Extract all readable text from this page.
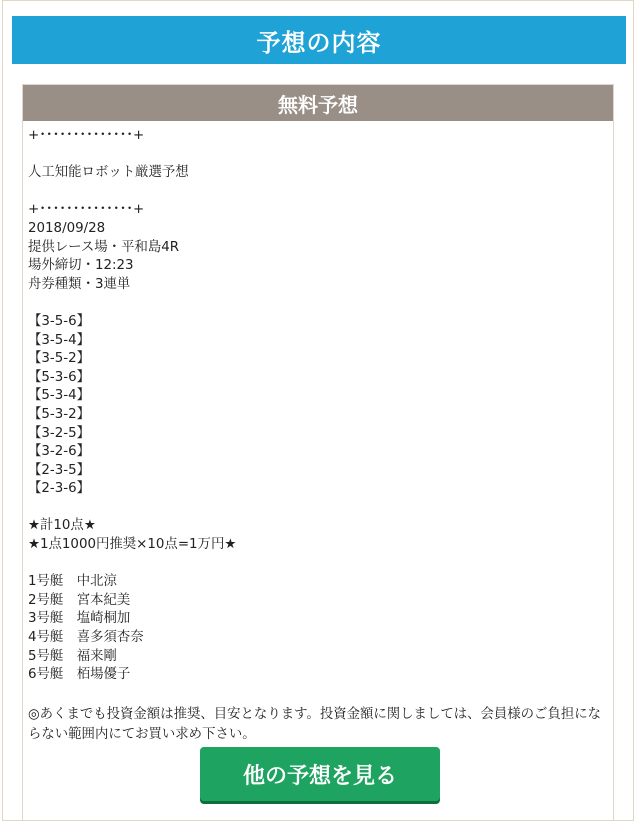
予想の内容
無料予想
+･･････････････+
人工知能ロボット厳選予想
+･･････････････+
2018/09/28
提供レース場・平和島4R
場外締切・12:23
舟券種類・3連単
【3-5-6】
【3-5-4】
【3-5-2】
【5-3-6】
【5-3-4】
【5-3-2】
【3-2-5】
【3-2-6】
【2-3-5】
【2-3-6】
★計10点★
★1点1000円推奨×10点=1万円★
1号艇　中北涼
2号艇　宮本紀美
3号艇　塩崎桐加
4号艇　喜多須杏奈
5号艇　福来剛
6号艇　栢場優子
◎あくまでも投資金額は推奨、目安となります。投資金額に関しましては、会員様のご負担にならない範囲内にてお買い求め下さい。
他の予想を見る
